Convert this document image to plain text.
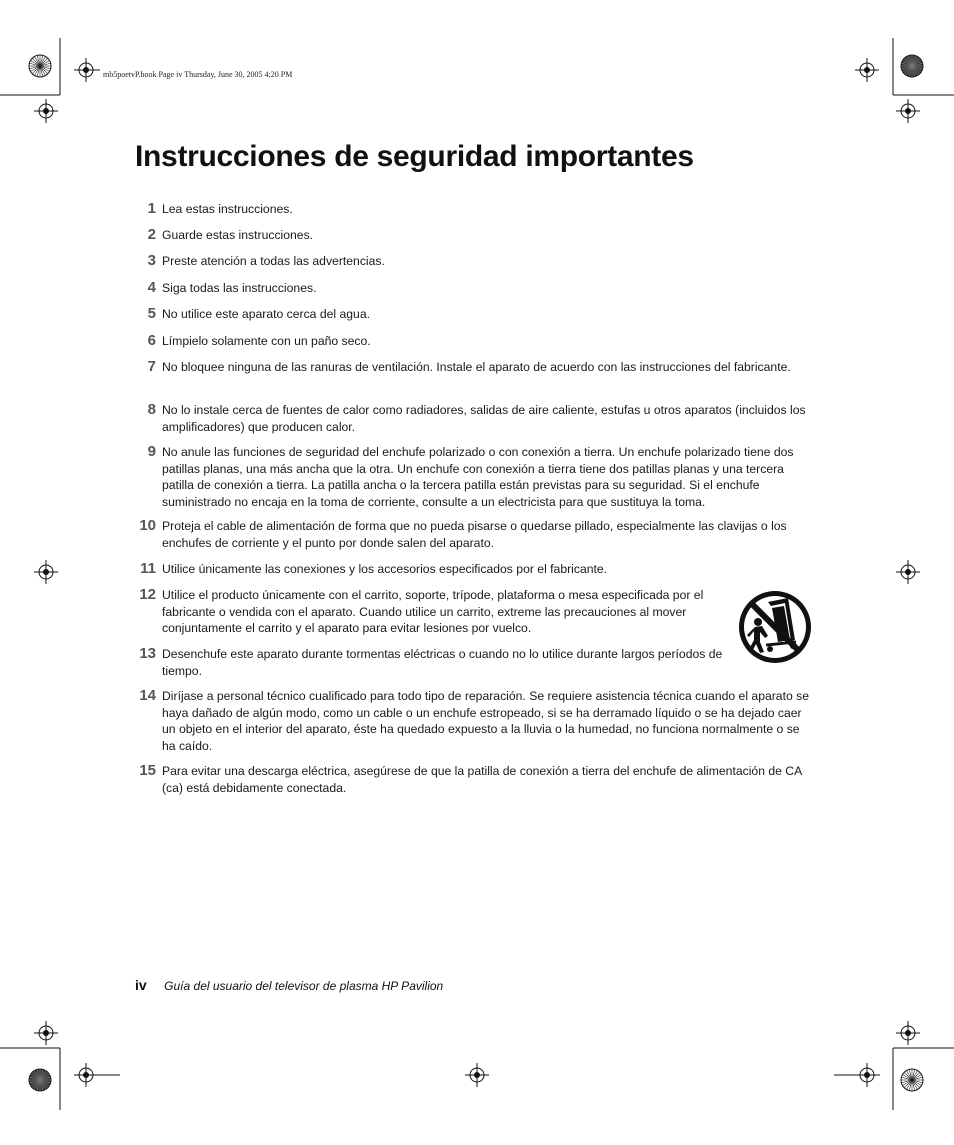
mb5poetvP.book Page iv Thursday, June 30, 2005 4:20 PM
Instrucciones de seguridad importantes
1 Lea estas instrucciones.
2 Guarde estas instrucciones.
3 Preste atención a todas las advertencias.
4 Siga todas las instrucciones.
5 No utilice este aparato cerca del agua.
6 Límpielo solamente con un paño seco.
7 No bloquee ninguna de las ranuras de ventilación. Instale el aparato de acuerdo con las instrucciones del fabricante.
8 No lo instale cerca de fuentes de calor como radiadores, salidas de aire caliente, estufas u otros aparatos (incluidos los amplificadores) que producen calor.
9 No anule las funciones de seguridad del enchufe polarizado o con conexión a tierra. Un enchufe polarizado tiene dos patillas planas, una más ancha que la otra. Un enchufe con conexión a tierra tiene dos patillas planas y una tercera patilla de conexión a tierra. La patilla ancha o la tercera patilla están previstas para su seguridad. Si el enchufe suministrado no encaja en la toma de corriente, consulte a un electricista para que sustituya la toma.
10 Proteja el cable de alimentación de forma que no pueda pisarse o quedarse pillado, especialmente las clavijas o los enchufes de corriente y el punto por donde salen del aparato.
11 Utilice únicamente las conexiones y los accesorios especificados por el fabricante.
12 Utilice el producto únicamente con el carrito, soporte, trípode, plataforma o mesa especificada por el fabricante o vendida con el aparato. Cuando utilice un carrito, extreme las precauciones al mover conjuntamente el carrito y el aparato para evitar lesiones por vuelco.
13 Desenchufe este aparato durante tormentas eléctricas o cuando no lo utilice durante largos períodos de tiempo.
14 Diríjase a personal técnico cualificado para todo tipo de reparación. Se requiere asistencia técnica cuando el aparato se haya dañado de algún modo, como un cable o un enchufe estropeado, si se ha derramado líquido o se ha dejado caer un objeto en el interior del aparato, éste ha quedado expuesto a la lluvia o la humedad, no funciona normalmente o se ha caído.
15 Para evitar una descarga eléctrica, asegúrese de que la patilla de conexión a tierra del enchufe de alimentación de CA (ca) está debidamente conectada.
iv Guía del usuario del televisor de plasma HP Pavilion
